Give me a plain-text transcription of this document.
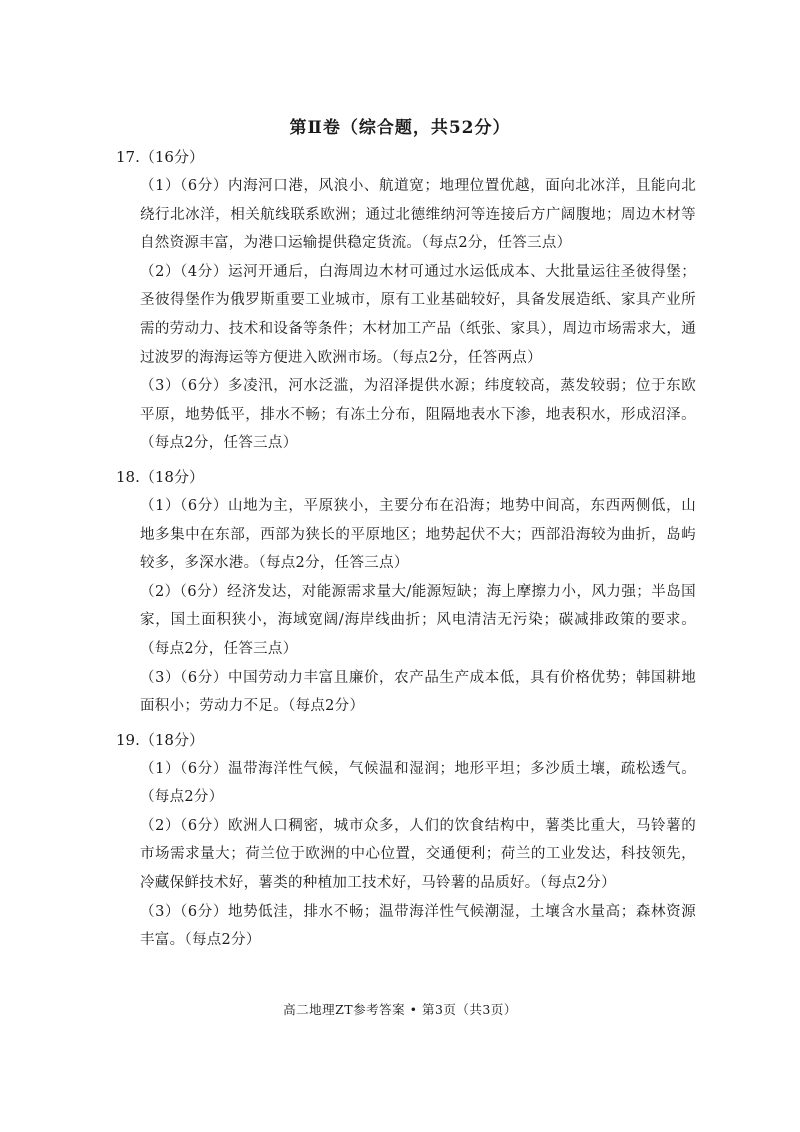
第Ⅱ卷（综合题，共52分）
17.（16分）

（1）（6分）内海河口港，风浪小、航道宽；地理位置优越，面向北冰洋，且能向北绕行北冰洋，相关航线联系欧洲；通过北德维纳河等连接后方广阔腹地；周边木材等自然资源丰富，为港口运输提供稳定货流。（每点2分，任答三点）

（2）（4分）运河开通后，白海周边木材可通过水运低成本、大批量运往圣彼得堡；圣彼得堡作为俄罗斯重要工业城市，原有工业基础较好，具备发展造纸、家具产业所需的劳动力、技术和设备等条件；木材加工产品（纸张、家具），周边市场需求大，通过波罗的海海运等方便进入欧洲市场。（每点2分，任答两点）

（3）（6分）多凌汛，河水泛滥，为沼泽提供水源；纬度较高，蒸发较弱；位于东欧平原，地势低平，排水不畅；有冻土分布，阻隔地表水下渗，地表积水，形成沼泽。（每点2分，任答三点）

18.（18分）

（1）（6分）山地为主，平原狭小，主要分布在沿海；地势中间高，东西两侧低，山地多集中在东部，西部为狭长的平原地区；地势起伏不大；西部沿海较为曲折，岛屿较多，多深水港。（每点2分，任答三点）

（2）（6分）经济发达，对能源需求量大/能源短缺；海上摩擦力小，风力强；半岛国家，国土面积狭小，海域宽阔/海岸线曲折；风电清洁无污染；碳减排政策的要求。（每点2分，任答三点）

（3）（6分）中国劳动力丰富且廉价，农产品生产成本低，具有价格优势；韩国耕地面积小；劳动力不足。（每点2分）

19.（18分）

（1）（6分）温带海洋性气候，气候温和湿润；地形平坦；多沙质土壤，疏松透气。（每点2分）

（2）（6分）欧洲人口稠密，城市众多，人们的饮食结构中，薯类比重大，马铃薯的市场需求量大；荷兰位于欧洲的中心位置，交通便利；荷兰的工业发达，科技领先，冷藏保鲜技术好，薯类的种植加工技术好，马铃薯的品质好。（每点2分）

（3）（6分）地势低洼，排水不畅；温带海洋性气候潮湿，土壤含水量高；森林资源丰富。（每点2分）

高二地理ZT参考答案 • 第3页（共3页）
